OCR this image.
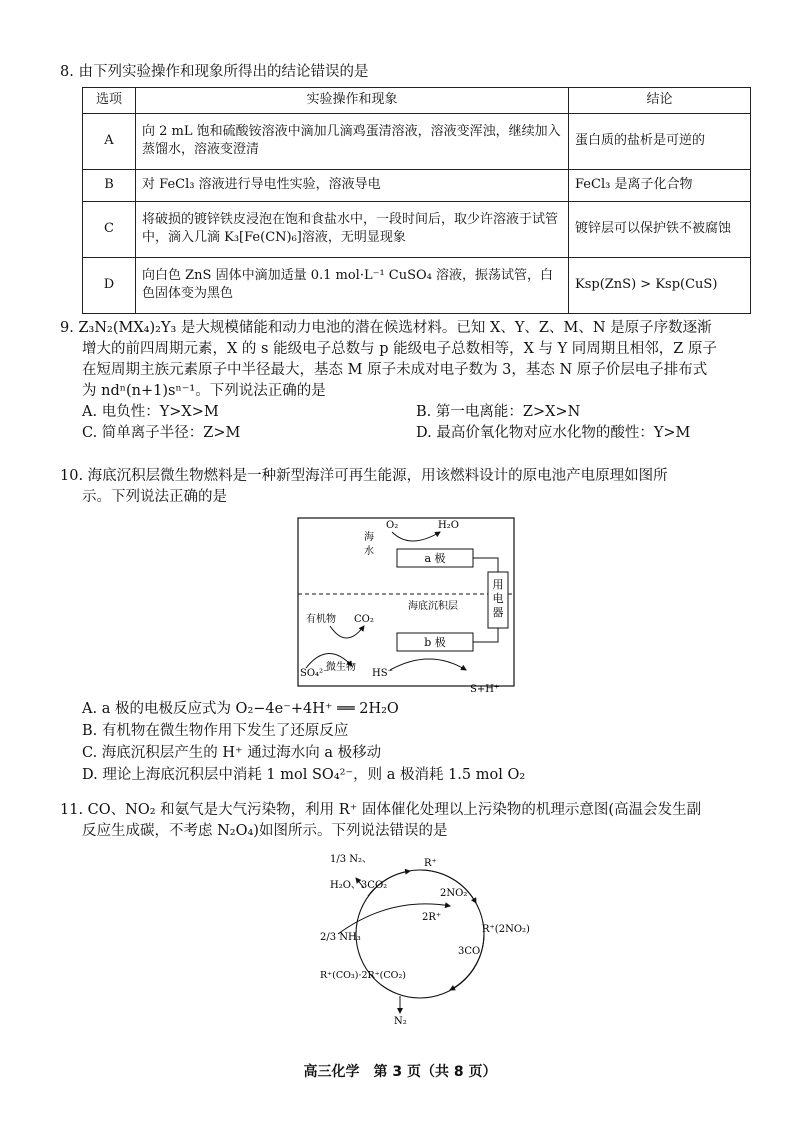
8. 由下列实验操作和现象所得出的结论错误的是

选项	实验操作和现象	结论
A	向 2 mL 饱和硫酸铵溶液中滴加几滴鸡蛋清溶液，溶液变浑浊，继续加入蒸馏水，溶液变澄清	蛋白质的盐析是可逆的
B	对 FeCl₃ 溶液进行导电性实验，溶液导电	FeCl₃ 是离子化合物
C	将破损的镀锌铁皮浸泡在饱和食盐水中，一段时间后，取少许溶液于试管中，滴入几滴 K₃[Fe(CN)₆]溶液，无明显现象	镀锌层可以保护铁不被腐蚀
D	向白色 ZnS 固体中滴加适量 0.1 mol·L⁻¹ CuSO₄ 溶液，振荡试管，白色固体变为黑色	Ksp(ZnS) > Ksp(CuS)

9. Z₃N₂(MX₄)₂Y₃ 是大规模储能和动力电池的潜在候选材料。已知 X、Y、Z、M、N 是原子序数逐渐

增大的前四周期元素，X 的 s 能级电子总数与 p 能级电子总数相等，X 与 Y 同周期且相邻，Z 原子

在短周期主族元素原子中半径最大，基态 M 原子未成对电子数为 3，基态 N 原子价层电子排布式

为 ndⁿ(n+1)sⁿ⁻¹。下列说法正确的是

A. 电负性：Y>X>M	B. 第一电离能：Z>X>N
C. 简单离子半径：Z>M	D. 最高价氧化物对应水化物的酸性：Y>M

10. 海底沉积层微生物燃料是一种新型海洋可再生能源，用该燃料设计的原电池产电原理如图所

示。下列说法正确的是

a 极
b 极
用
电
器
O₂	H₂O
海
水
海底沉积层
有机物 CO₂
SO₄²⁻
微生物
HS⁻
S+H⁺
A. a 极的电极反应式为 O₂−4e⁻+4H⁺ ══ 2H₂O
B. 有机物在微生物作用下发生了还原反应
C. 海底沉积层产生的 H⁺ 通过海水向 a 极移动
D. 理论上海底沉积层中消耗 1 mol SO₄²⁻，则 a 极消耗 1.5 mol O₂

11. CO、NO₂ 和氨气是大气污染物，利用 R⁺ 固体催化处理以上污染物的机理示意图(高温会发生副

反应生成碳，不考虑 N₂O₄)如图所示。下列说法错误的是

1/3 N₂、
H₂O、3CO₂
2/3 NH₃
R⁺
2NO₂
2R⁺
R⁺(2NO₂)
3CO
R⁺(CO₃)·2R⁺(CO₂)
N₂
高三化学　第 3 页（共 8 页）
